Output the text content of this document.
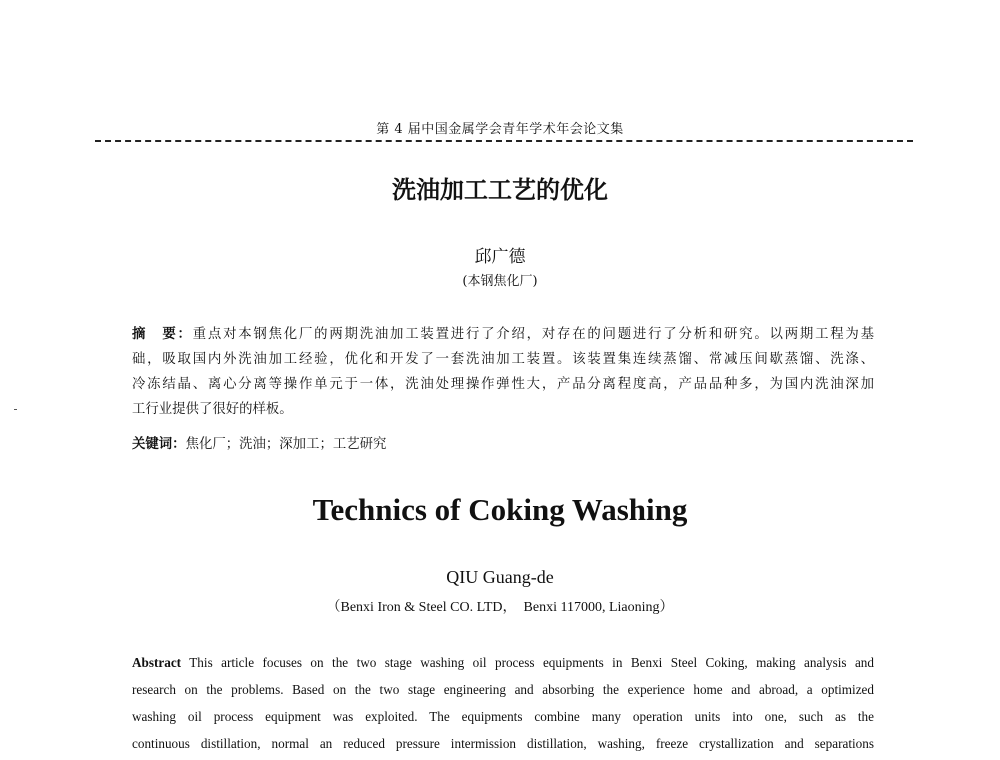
第 4 届中国金属学会青年学术年会论文集
洗油加工工艺的优化
邱广德
(本钢焦化厂)
摘　要：重点对本钢焦化厂的两期洗油加工装置进行了介绍，对存在的问题进行了分析和研究。以两期工程为基
础，吸取国内外洗油加工经验，优化和开发了一套洗油加工装置。该装置集连续蒸馏、常减压间歇蒸馏、洗涤、
冷冻结晶、离心分离等操作单元于一体，洗油处理操作弹性大，产品分离程度高，产品品种多，为国内洗油深加
工行业提供了很好的样板。
关键词：焦化厂；洗油；深加工；工艺研究
Technics of Coking Washing
QIU Guang-de
（Benxi Iron & Steel CO. LTD，　Benxi 117000, Liaoning）
Abstract This article focuses on the two stage washing oil process equipments in Benxi Steel Coking, making analysis and
research on the problems. Based on the two stage engineering and absorbing the experience home and abroad, a optimized
washing oil process equipment was exploited. The equipments combine many operation units into one, such as the
continuous distillation, normal an reduced pressure intermission distillation, washing, freeze crystallization and separations
